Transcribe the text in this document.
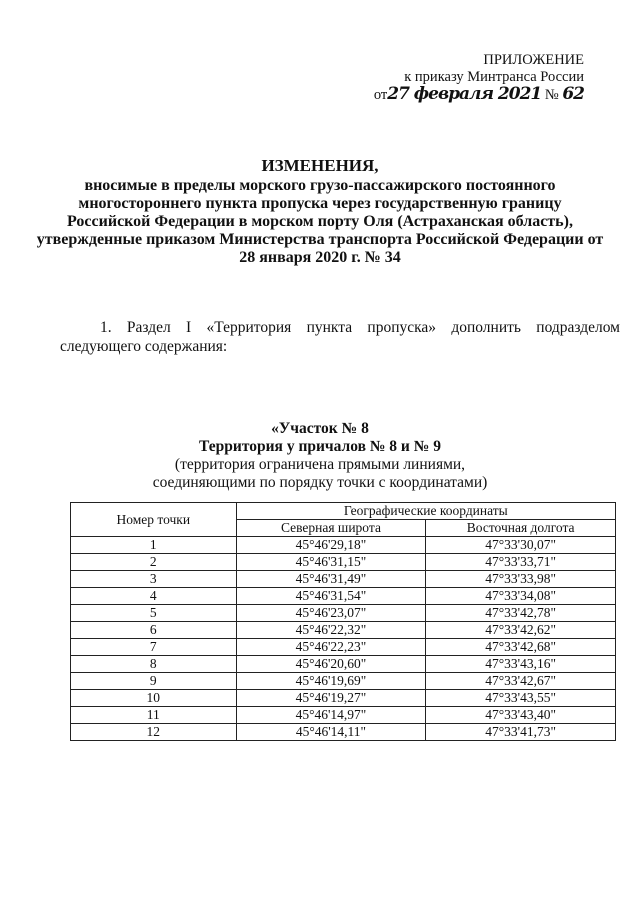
ПРИЛОЖЕНИЕ
к приказу Минтранса России
от27 февраля 2021 № 62
ИЗМЕНЕНИЯ,
вносимые в пределы морского грузо-пассажирского постоянного
многостороннего пункта пропуска через государственную границу
Российской Федерации в морском порту Оля (Астраханская область),
утвержденные приказом Министерства транспорта Российской Федерации от
28 января 2020 г. № 34
1. Раздел I «Территория пункта пропуска» дополнить подразделом следующего содержания:
«Участок № 8
Территория у причалов № 8 и № 9
(территория ограничена прямыми линиями,
соединяющими по порядку точки с координатами)
Номер точки	Географические координаты	
	Северная широта	Восточная долгота
1	45°46'29,18"	47°33'30,07"
2	45°46'31,15"	47°33'33,71"
3	45°46'31,49"	47°33'33,98"
4	45°46'31,54"	47°33'34,08"
5	45°46'23,07"	47°33'42,78"
6	45°46'22,32"	47°33'42,62"
7	45°46'22,23"	47°33'42,68"
8	45°46'20,60"	47°33'43,16"
9	45°46'19,69"	47°33'42,67"
10	45°46'19,27"	47°33'43,55"
11	45°46'14,97"	47°33'43,40"
12	45°46'14,11"	47°33'41,73"
